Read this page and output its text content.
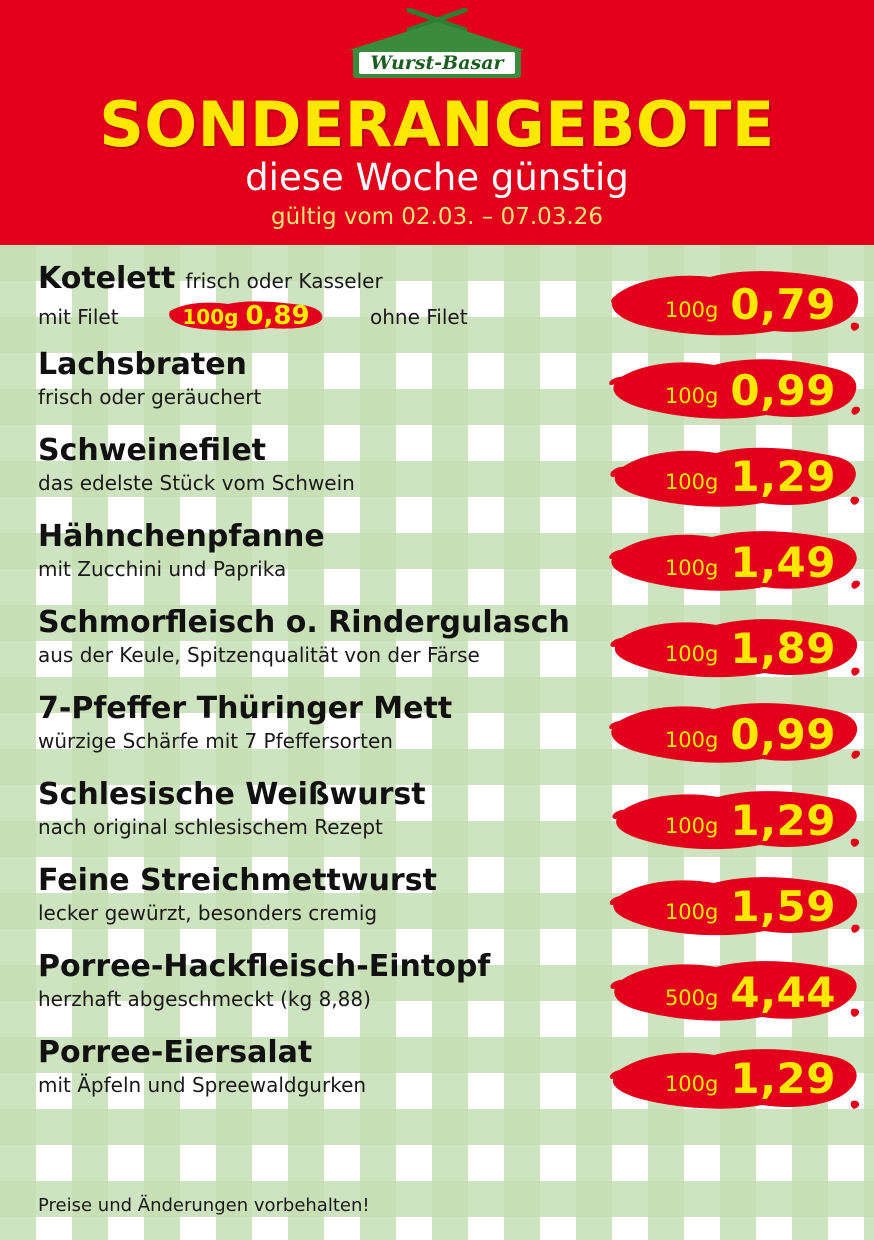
Wurst-Basar
SONDERANGEBOTE
diese Woche günstig
gültig vom 02.03. – 07.03.26
Kotelett frisch oder Kasseler
mit Filet	100g 0,89	ohne Filet	100g 0,79
Lachsbraten
frisch oder geräuchert	100g 0,99
Schweinefilet
das edelste Stück vom Schwein	100g 1,29
Hähnchenpfanne
mit Zucchini und Paprika	100g 1,49
Schmorfleisch o. Rindergulasch
aus der Keule, Spitzenqualität von der Färse	100g 1,89
7-Pfeffer Thüringer Mett
würzige Schärfe mit 7 Pfeffersorten	100g 0,99
Schlesische Weißwurst
nach original schlesischem Rezept	100g 1,29
Feine Streichmettwurst
lecker gewürzt, besonders cremig	100g 1,59
Porree-Hackfleisch-Eintopf
herzhaft abgeschmeckt (kg 8,88)	500g 4,44
Porree-Eiersalat
mit Äpfeln und Spreewaldgurken	100g 1,29
Preise und Änderungen vorbehalten!
